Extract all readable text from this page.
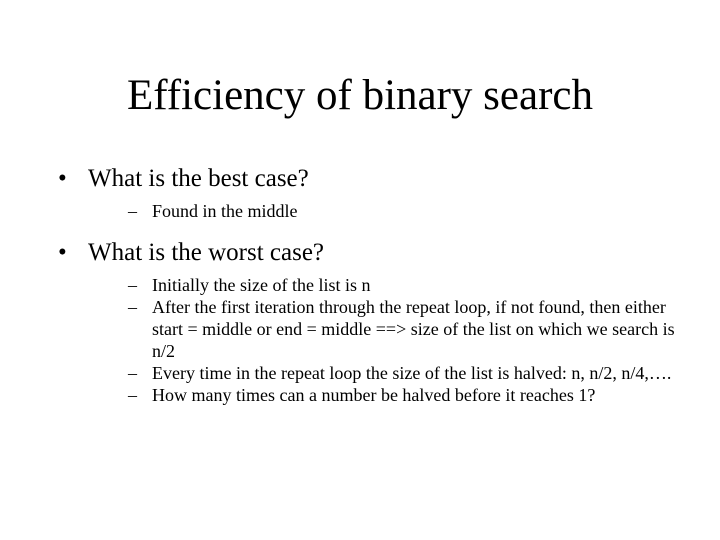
Efficiency of binary search
• What is the best case?
– Found in the middle
• What is the worst case?
– Initially the size of the list is n
– After the first iteration through the repeat loop, if not found, then either start = middle or end = middle ==> size of the list on which we search is n/2
– Every time in the repeat loop the size of the list is halved: n, n/2, n/4,….
– How many times can a number be halved before it reaches 1?
